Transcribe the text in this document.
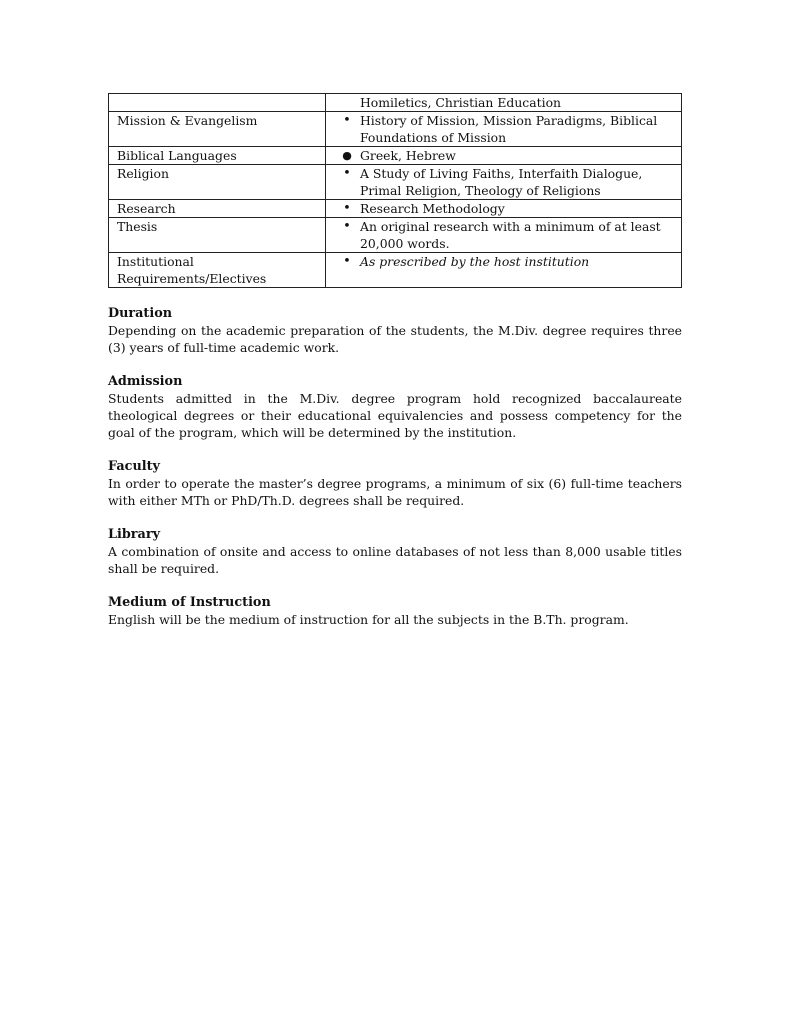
	Homiletics, Christian Education

Mission & Evangelism	• History of Mission, Mission Paradigms, Biblical Foundations of Mission

Biblical Languages	● Greek, Hebrew

Religion	• A Study of Living Faiths, Interfaith Dialogue, Primal Religion, Theology of Religions

Research	• Research Methodology

Thesis	• An original research with a minimum of at least 20,000 words.

Institutional Requirements/Electives	• As prescribed by the host institution
Duration

Depending on the academic preparation of the students, the M.Div. degree requires three (3) years of full-time academic work.

Admission

Students admitted in the M.Div. degree program hold recognized baccalaureate theological degrees or their educational equivalencies and possess competency for the goal of the program, which will be determined by the institution.

Faculty

In order to operate the master’s degree programs, a minimum of six (6) full-time teachers with either MTh or PhD/Th.D. degrees shall be required.

Library

A combination of onsite and access to online databases of not less than 8,000 usable titles shall be required.

Medium of Instruction

English will be the medium of instruction for all the subjects in the B.Th. program.
